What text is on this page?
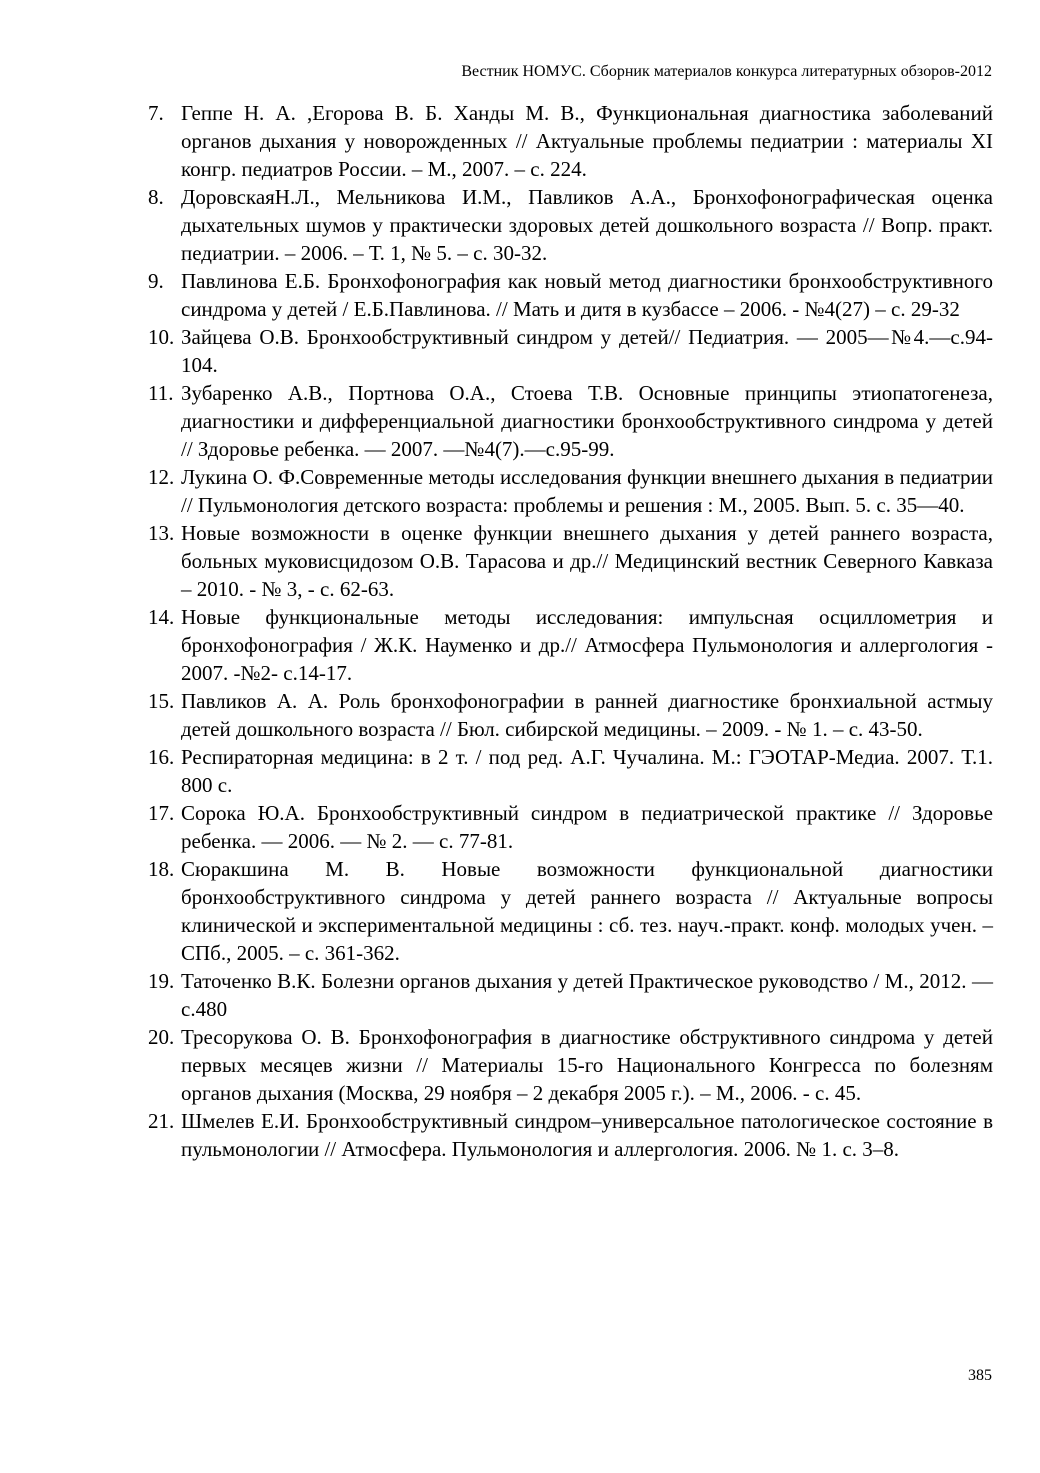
Вестник НОМУС. Сборник материалов конкурса литературных обзоров-2012
7. Геппе Н. А. ,Егорова В. Б. Ханды М. В., Функциональная диагностика заболеваний органов дыхания у новорожденных // Актуальные проблемы педиатрии : материалы XI конгр. педиатров России. – М., 2007. – с. 224.
8. ДоровскаяН.Л., Мельникова И.М., Павликов А.А., Бронхофонографическая оценка дыхательных шумов у практически здоровых детей дошкольного возраста // Вопр. практ. педиатрии. – 2006. – Т. 1, № 5. – с. 30-32.
9. Павлинова Е.Б. Бронхофонография как новый метод диагностики бронхообструктивного синдрома у детей / Е.Б.Павлинова. // Мать и дитя в кузбассе – 2006. - №4(27) – с. 29-32
10. Зайцева О.В. Бронхообструктивный синдром у детей// Педиатрия. — 2005—№4.—с.94-104.
11. Зубаренко А.В., Портнова О.А., Стоева Т.В. Основные принципы этиопатогенеза, диагностики и дифференциальной диагностики бронхообструктивного синдрома у детей // Здоровье ребенка. — 2007. —№4(7).—с.95-99.
12. Лукина О. Ф.Современные методы исследования функции внешнего дыхания в педиатрии // Пульмонология детского возраста: проблемы и решения : М., 2005. Вып. 5. с. 35—40.
13. Новые возможности в оценке функции внешнего дыхания у детей раннего возраста, больных муковисцидозом О.В. Тарасова и др.// Медицинский вестник Северного Кавказа – 2010. - № 3, - с. 62-63.
14. Новые функциональные методы исследования: импульсная осциллометрия и бронхофонография / Ж.К. Науменко и др.// Атмосфера Пульмонология и аллергология - 2007. -№2- с.14-17.
15. Павликов А. А. Роль бронхофонографии в ранней диагностике бронхиальной астмыу детей дошкольного возраста // Бюл. сибирской медицины. – 2009. - № 1. – с. 43-50.
16. Респираторная медицина: в 2 т. / под ред. А.Г. Чучалина. М.: ГЭОТАР-Медиа. 2007. Т.1. 800 с.
17. Сорока Ю.А. Бронхообструктивный синдром в педиатрической практике // Здоровье ребенка. — 2006. — № 2. — с. 77-81.
18. Сюракшина М. В. Новые возможности функциональной диагностики бронхообструктивного синдрома у детей раннего возраста // Актуальные вопросы клинической и экспериментальной медицины : сб. тез. науч.-практ. конф. молодых учен. – СПб., 2005. – с. 361-362.
19. Таточенко В.К. Болезни органов дыхания у детей Практическое руководство / М., 2012. — с.480
20. Тресорукова О. В. Бронхофонография в диагностике обструктивного синдрома у детей первых месяцев жизни // Материалы 15-го Национального Конгресса по болезням органов дыхания (Москва, 29 ноября – 2 декабря 2005 г.). – М., 2006. - с. 45.
21. Шмелев Е.И. Бронхообструктивный синдром–универсальное патологическое состояние в пульмонологии // Атмосфера. Пульмонология и аллергология. 2006. № 1. с. 3–8.
385
